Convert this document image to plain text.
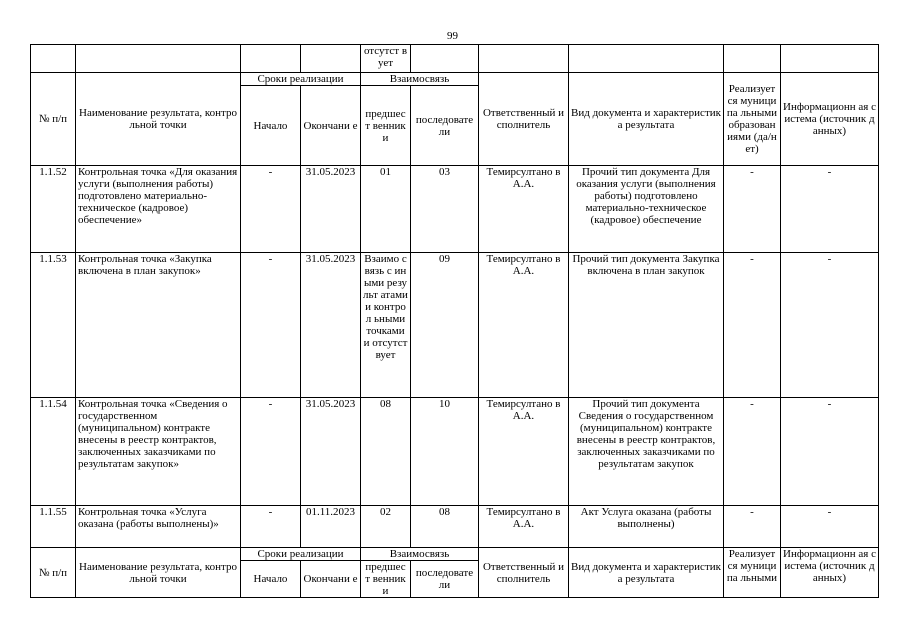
99
				отсутст вует					
№ п/п	Наименование результата, контрольной точки	Сроки реализации		Взаимосвязь		Ответственный исполнитель	Вид документа и характеристика результата	Реализует ся муниципа льными образован иями (да/нет)	Информационн ая система (источник данных)
		Начало	Окончани е	предшест венники	последовате ли				
1.1.52	Контрольная точка «Для оказания услуги (выполнения работы) подготовлено материально-техническое (кадровое) обеспечение»	-	31.05.2023	01	03	Темирсултано в А.А.	Прочий тип документа Для оказания услуги (выполнения работы) подготовлено материально-техническое (кадровое) обеспечение	-	-
1.1.53	Контрольная точка «Закупка включена в план закупок»	-	31.05.2023	Взаимо связь с иными результ атами и контрол ьными точками и отсутст вует	09	Темирсултано в А.А.	Прочий тип документа Закупка включена в план закупок	-	-
1.1.54	Контрольная точка «Сведения о государственном (муниципальном) контракте внесены в реестр контрактов, заключенных заказчиками по результатам закупок»	-	31.05.2023	08	10	Темирсултано в А.А.	Прочий тип документа Сведения о государственном (муниципальном) контракте внесены в реестр контрактов, заключенных заказчиками по результатам закупок	-	-
1.1.55	Контрольная точка «Услуга оказана (работы выполнены)»	-	01.11.2023	02	08	Темирсултано в А.А.	Акт Услуга оказана (работы выполнены)	-	-
№ п/п	Наименование результата, контрольной точки	Сроки реализации		Взаимосвязь		Ответственный исполнитель	Вид документа и характеристика результата	Реализует ся муниципа льными	Информационн ая система (источник данных)
		Начало	Окончани е	предшест венники	последовате ли				
